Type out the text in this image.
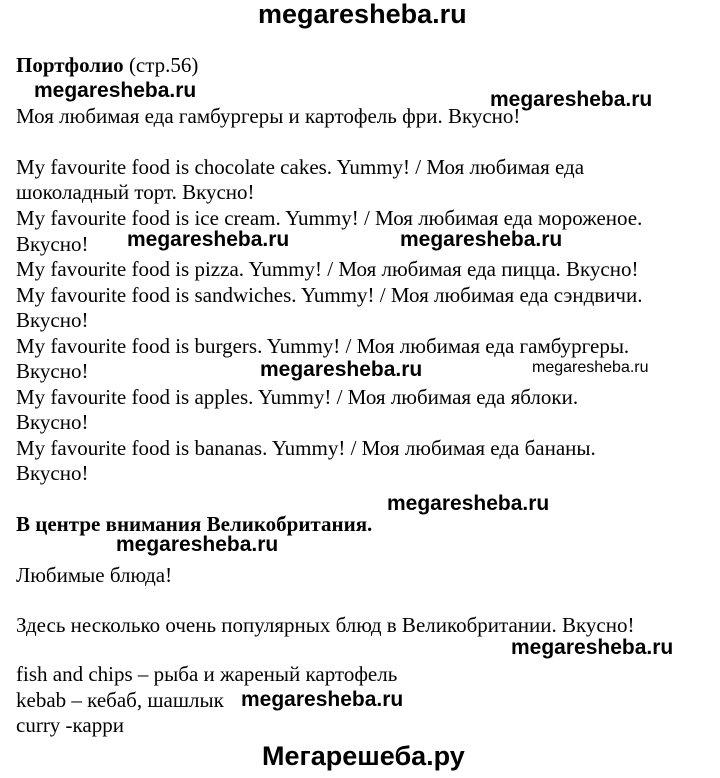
megaresheba.ru
Портфолио (стр.56)
megaresheba.ru	megaresheba.ru
Моя любимая еда гамбургеры и картофель фри. Вкусно!
My favourite food is chocolate cakes. Yummy! / Моя любимая еда
шоколадный торт. Вкусно!
My favourite food is ice cream. Yummy! / Моя любимая еда мороженое.
Вкусно! megaresheba.ru	megaresheba.ru
My favourite food is pizza. Yummy! / Моя любимая еда пицца. Вкусно!
My favourite food is sandwiches. Yummy! / Моя любимая еда сэндвичи.
Вкусно!
My favourite food is burgers. Yummy! / Моя любимая еда гамбургеры.
Вкусно!	megaresheba.ru	megaresheba.ru
My favourite food is apples. Yummy! / Моя любимая еда яблоки.
Вкусно!
My favourite food is bananas. Yummy! / Моя любимая еда бананы.
Вкусно!
megaresheba.ru
В центре внимания Великобритания.
megaresheba.ru
Любимые блюда!
Здесь несколько очень популярных блюд в Великобритании. Вкусно!
megaresheba.ru
fish and chips – рыба и жареный картофель
kebab – кебаб, шашлык megaresheba.ru
curry -карри
Мегарешеба.ру
